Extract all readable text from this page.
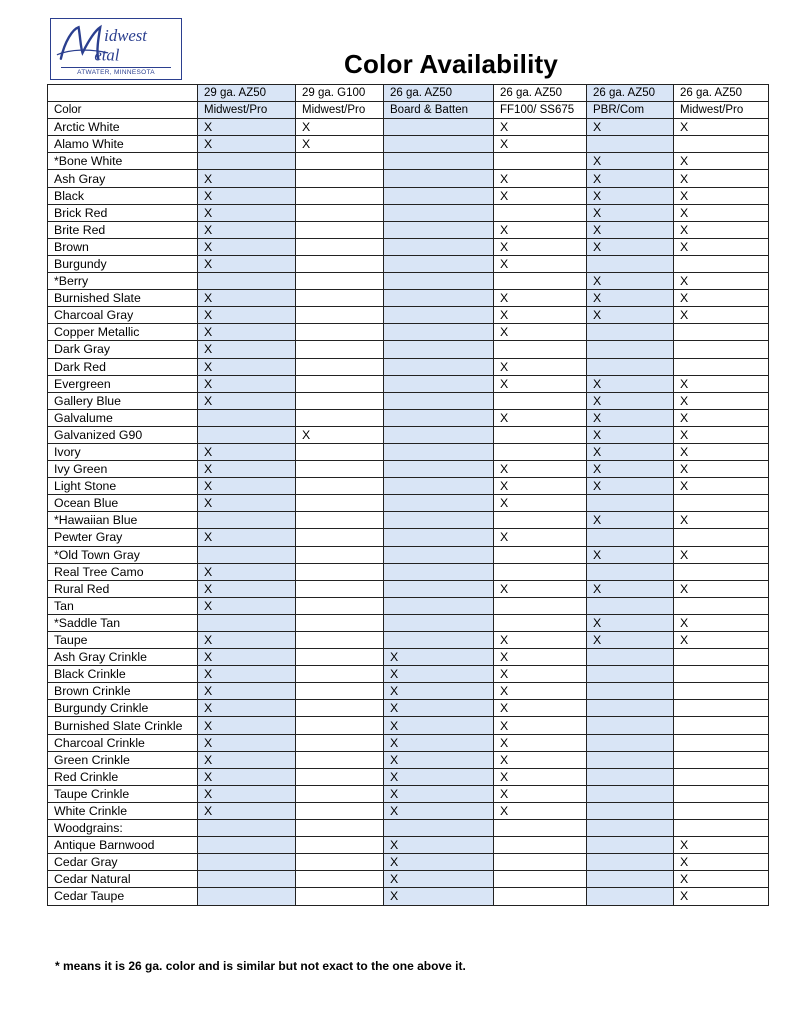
idwest
etal
ATWATER, MINNESOTA	Color Availability
	29 ga. AZ50	29 ga. G100	26 ga. AZ50	26 ga. AZ50	26 ga. AZ50	26 ga. AZ50
Color	Midwest/Pro	Midwest/Pro	Board & Batten	FF100/ SS675	PBR/Com	Midwest/Pro
Arctic White	X	X		X	X	X
Alamo White	X	X		X		
*Bone White					X	X
Ash Gray	X			X	X	X
Black	X			X	X	X
Brick Red	X				X	X
Brite Red	X			X	X	X
Brown	X			X	X	X
Burgundy	X			X		
*Berry					X	X
Burnished Slate	X			X	X	X
Charcoal Gray	X			X	X	X
Copper Metallic	X			X		
Dark Gray	X					
Dark Red	X			X		
Evergreen	X			X	X	X
Gallery Blue	X				X	X
Galvalume				X	X	X
Galvanized G90		X			X	X
Ivory	X				X	X
Ivy Green	X			X	X	X
Light Stone	X			X	X	X
Ocean Blue	X			X		
*Hawaiian Blue					X	X
Pewter Gray	X			X		
*Old Town Gray					X	X
Real Tree Camo	X					
Rural Red	X			X	X	X
Tan	X					
*Saddle Tan					X	X
Taupe	X			X	X	X
Ash Gray Crinkle	X		X	X		
Black Crinkle	X		X	X		
Brown Crinkle	X		X	X		
Burgundy Crinkle	X		X	X		
Burnished Slate Crinkle	X		X	X		
Charcoal Crinkle	X		X	X		
Green Crinkle	X		X	X		
Red Crinkle	X		X	X		
Taupe Crinkle	X		X	X		
White Crinkle	X		X	X		
Woodgrains:						
Antique Barnwood			X			X
Cedar Gray			X			X
Cedar Natural			X			X
Cedar Taupe			X			X
* means it is 26 ga. color and is similar but not exact to the one above it.
